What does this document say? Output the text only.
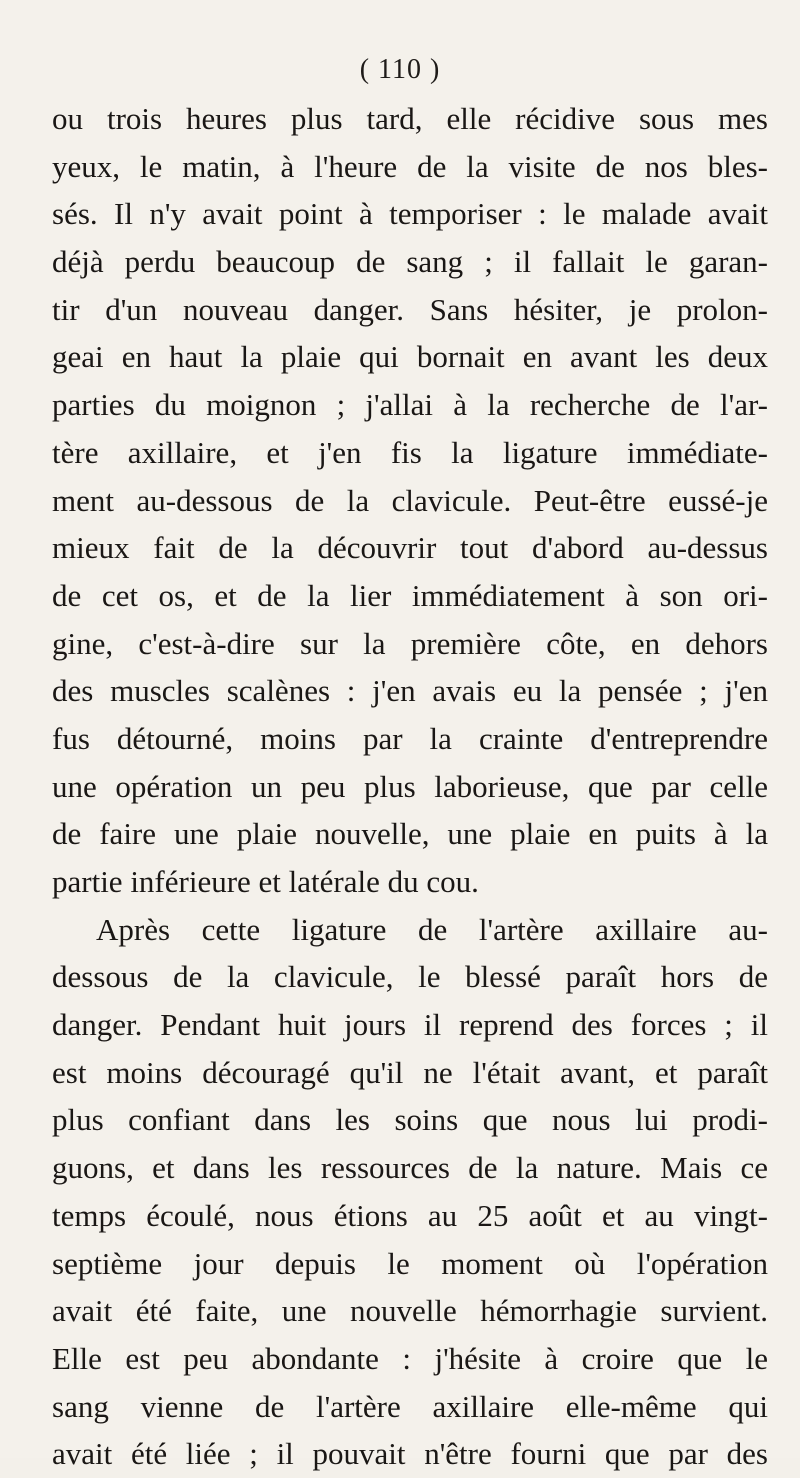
( 110 )
ou trois heures plus tard, elle récidive sous mes
yeux, le matin, à l'heure de la visite de nos bles-
sés. Il n'y avait point à temporiser : le malade avait
déjà perdu beaucoup de sang ; il fallait le garan-
tir d'un nouveau danger. Sans hésiter, je prolon-
geai en haut la plaie qui bornait en avant les deux
parties du moignon ; j'allai à la recherche de l'ar-
tère axillaire, et j'en fis la ligature immédiate-
ment au-dessous de la clavicule. Peut-être eussé-je
mieux fait de la découvrir tout d'abord au-dessus
de cet os, et de la lier immédiatement à son ori-
gine, c'est-à-dire sur la première côte, en dehors
des muscles scalènes : j'en avais eu la pensée ; j'en
fus détourné, moins par la crainte d'entreprendre
une opération un peu plus laborieuse, que par celle
de faire une plaie nouvelle, une plaie en puits à la
partie inférieure et latérale du cou.
Après cette ligature de l'artère axillaire au-
dessous de la clavicule, le blessé paraît hors de
danger. Pendant huit jours il reprend des forces ; il
est moins découragé qu'il ne l'était avant, et paraît
plus confiant dans les soins que nous lui prodi-
guons, et dans les ressources de la nature. Mais ce
temps écoulé, nous étions au 25 août et au vingt-
septième jour depuis le moment où l'opération
avait été faite, une nouvelle hémorrhagie survient.
Elle est peu abondante : j'hésite à croire que le
sang vienne de l'artère axillaire elle-même qui
avait été liée ; il pouvait n'être fourni que par des
